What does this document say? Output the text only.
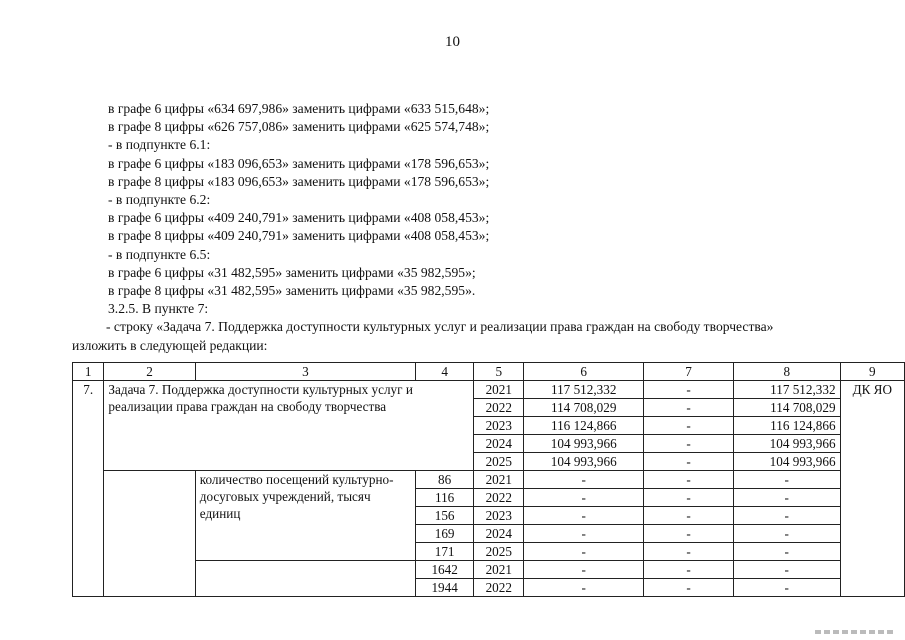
10
в графе 6 цифры «634 697,986» заменить цифрами «633 515,648»;
в графе 8 цифры «626 757,086» заменить цифрами «625 574,748»;
- в подпункте 6.1:
в графе 6 цифры «183 096,653» заменить цифрами «178 596,653»;
в графе 8 цифры «183 096,653» заменить цифрами «178 596,653»;
- в подпункте 6.2:
в графе 6 цифры «409 240,791» заменить цифрами «408 058,453»;
в графе 8 цифры «409 240,791» заменить цифрами «408 058,453»;
- в подпункте 6.5:
в графе 6 цифры «31 482,595» заменить цифрами «35 982,595»;
в графе 8 цифры «31 482,595» заменить цифрами «35 982,595».
3.2.5. В пункте 7:
- строку «Задача 7. Поддержка доступности культурных услуг и реализации права граждан на свободу творчества»
изложить в следующей редакции:
1	2	3	4	5	6	7	8	9
7.	Задача 7. Поддержка доступности культурных услуг и реализации права граждан на свободу творчества			2021	117 512,332	-	117 512,332	ДК ЯО
				2022	114 708,029	-	114 708,029	
				2023	116 124,866	-	116 124,866	
				2024	104 993,966	-	104 993,966	
				2025	104 993,966	-	104 993,966	
		количество посещений культурно-досуговых учреждений, тысяч единиц	86	2021	-	-	-	
			116	2022	-	-	-	
			156	2023	-	-	-	
			169	2024	-	-	-	
			171	2025	-	-	-	
			1642	2021	-	-	-	
			1944	2022	-	-	-	
